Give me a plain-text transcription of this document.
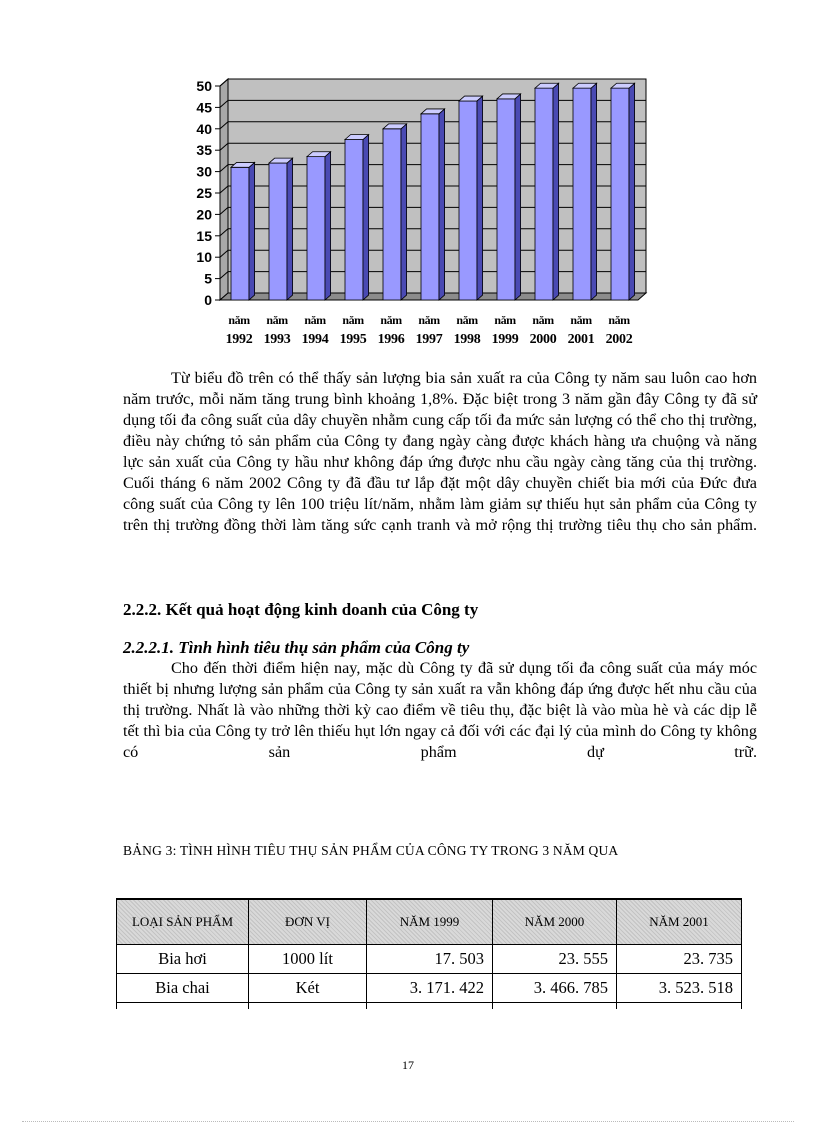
0
5
10
15
20
25
30
35
40
45
50
năm
1992
năm
1993
năm
1994
năm
1995
năm
1996
năm
1997
năm
1998
năm
1999
năm
2000
năm
2001
năm
2002

Từ biểu đồ trên có thể thấy sản lượng bia sản xuất ra của Công ty năm sau luôn cao hơn năm trước, mỗi năm tăng trung bình khoảng 1,8%. Đặc biệt trong 3 năm gần đây Công ty đã sử dụng tối đa công suất của dây chuyền nhằm cung cấp tối đa mức sản lượng có thể cho thị trường, điều này chứng tỏ sản phẩm của Công ty đang ngày càng được khách hàng ưa chuộng và năng lực sản xuất của Công ty hầu như không đáp ứng được nhu cầu ngày càng tăng của thị trường. Cuối tháng 6 năm 2002 Công ty đã đầu tư lắp đặt một dây chuyền chiết bia mới của Đức đưa công suất của Công ty lên 100 triệu lít/năm, nhằm làm giảm sự thiếu hụt sản phẩm của Công ty trên thị trường đồng thời làm tăng sức cạnh tranh và mở rộng thị trường tiêu thụ cho sản phẩm.

2.2.2. Kết quả hoạt động kinh doanh của Công ty

2.2.2.1. Tình hình tiêu thụ sản phẩm của Công ty

Cho đến thời điểm hiện nay, mặc dù Công ty đã sử dụng tối đa công suất của máy móc thiết bị nhưng lượng sản phẩm của Công ty sản xuất ra vẫn không đáp ứng được hết nhu cầu của thị trường. Nhất là vào những thời kỳ cao điểm về tiêu thụ, đặc biệt là vào mùa hè và các dịp lễ tết thì bia của Công ty trở lên thiếu hụt lớn ngay cả đối với các đại lý của mình do Công ty không có sản phẩm dự trữ.

BẢNG 3: TÌNH HÌNH TIÊU THỤ SẢN PHẨM CỦA CÔNG TY TRONG 3 NĂM QUA

LOẠI SẢN PHẨM	ĐƠN VỊ	NĂM 1999	NĂM 2000	NĂM 2001
Bia hơi	1000 lít	17. 503	23. 555	23. 735
Bia chai	Két	3. 171. 422	3. 466. 785	3. 523. 518

17
